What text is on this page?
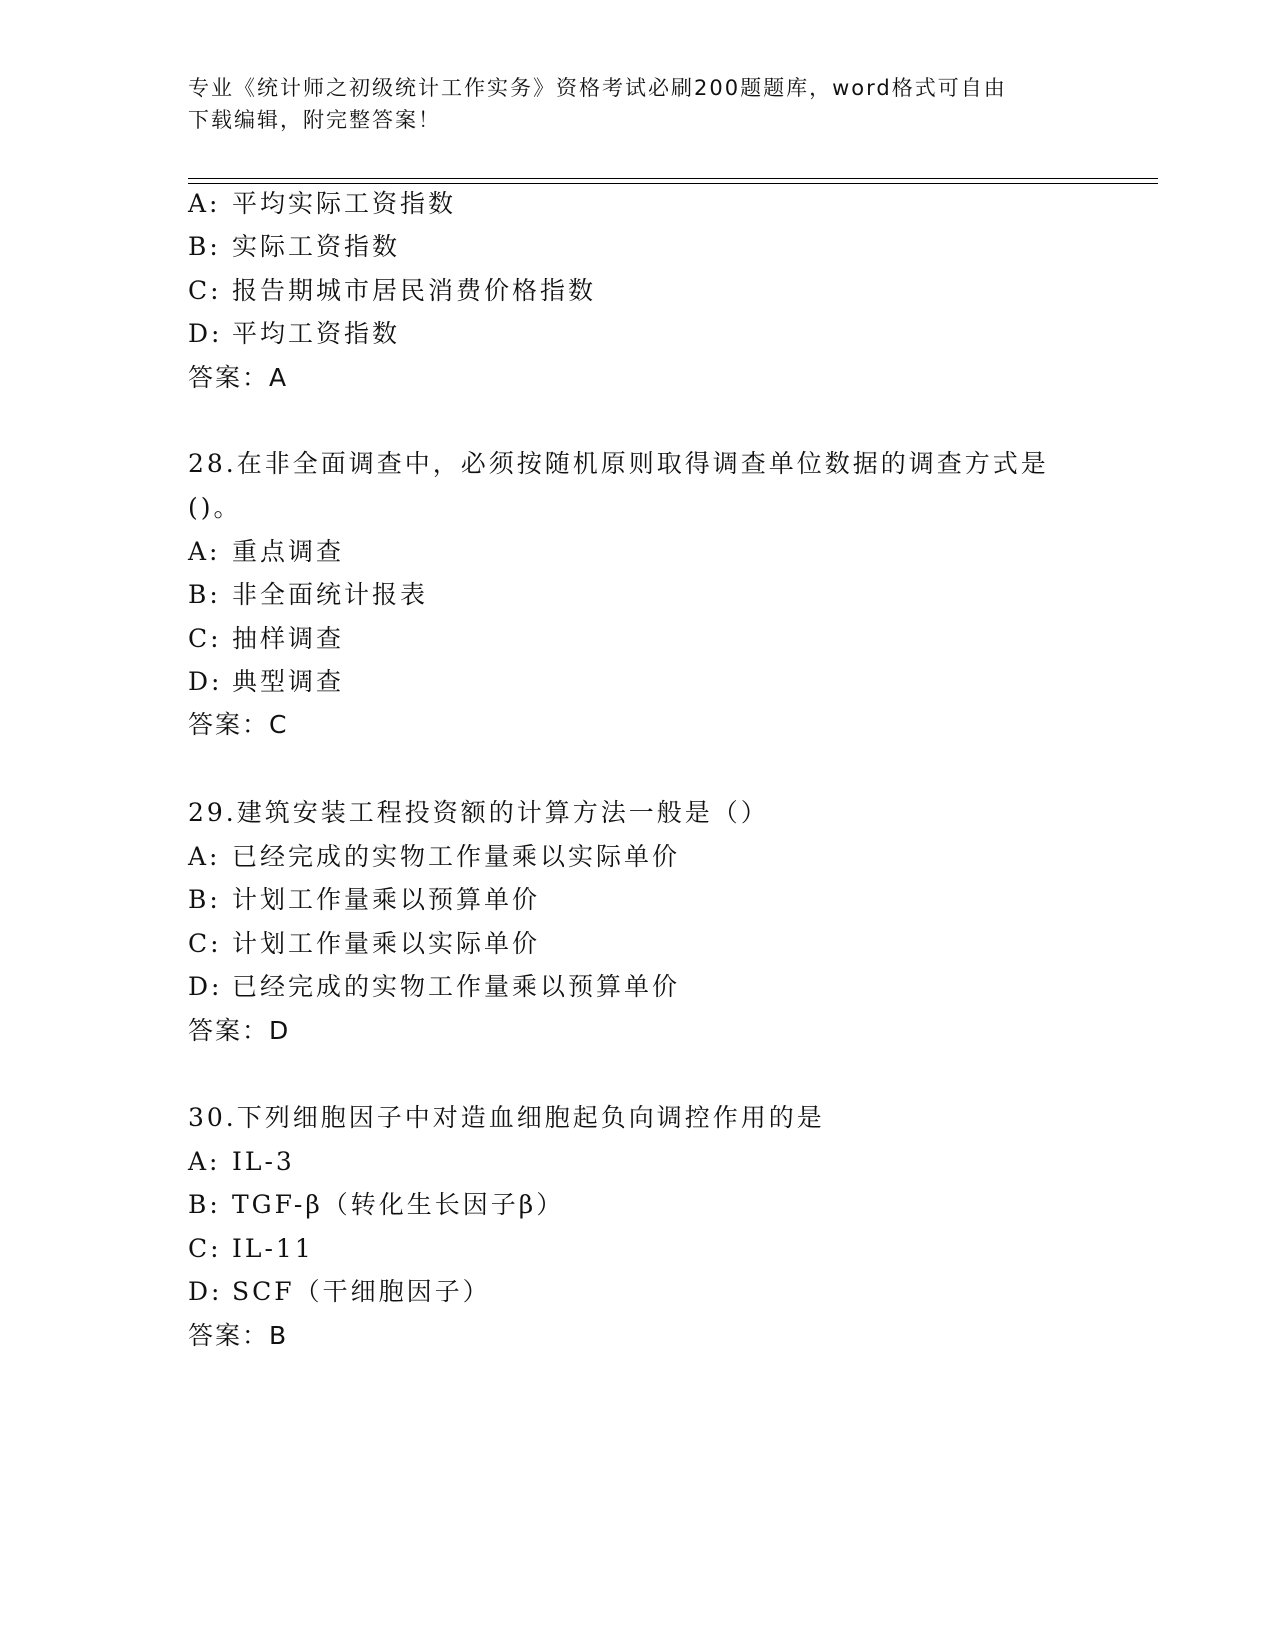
专业《统计师之初级统计工作实务》资格考试必刷200题题库，word格式可自由
下载编辑，附完整答案！
A: 平均实际工资指数
B: 实际工资指数
C: 报告期城市居民消费价格指数
D: 平均工资指数
答案：A
28.在非全面调查中，必须按随机原则取得调查单位数据的调查方式是
()。
A: 重点调查
B: 非全面统计报表
C: 抽样调查
D: 典型调查
答案：C
29.建筑安装工程投资额的计算方法一般是（）
A: 已经完成的实物工作量乘以实际单价
B: 计划工作量乘以预算单价
C: 计划工作量乘以实际单价
D: 已经完成的实物工作量乘以预算单价
答案：D
30.下列细胞因子中对造血细胞起负向调控作用的是
A: IL-3
B: TGF-β（转化生长因子β）
C: IL-11
D: SCF（干细胞因子）
答案：B
